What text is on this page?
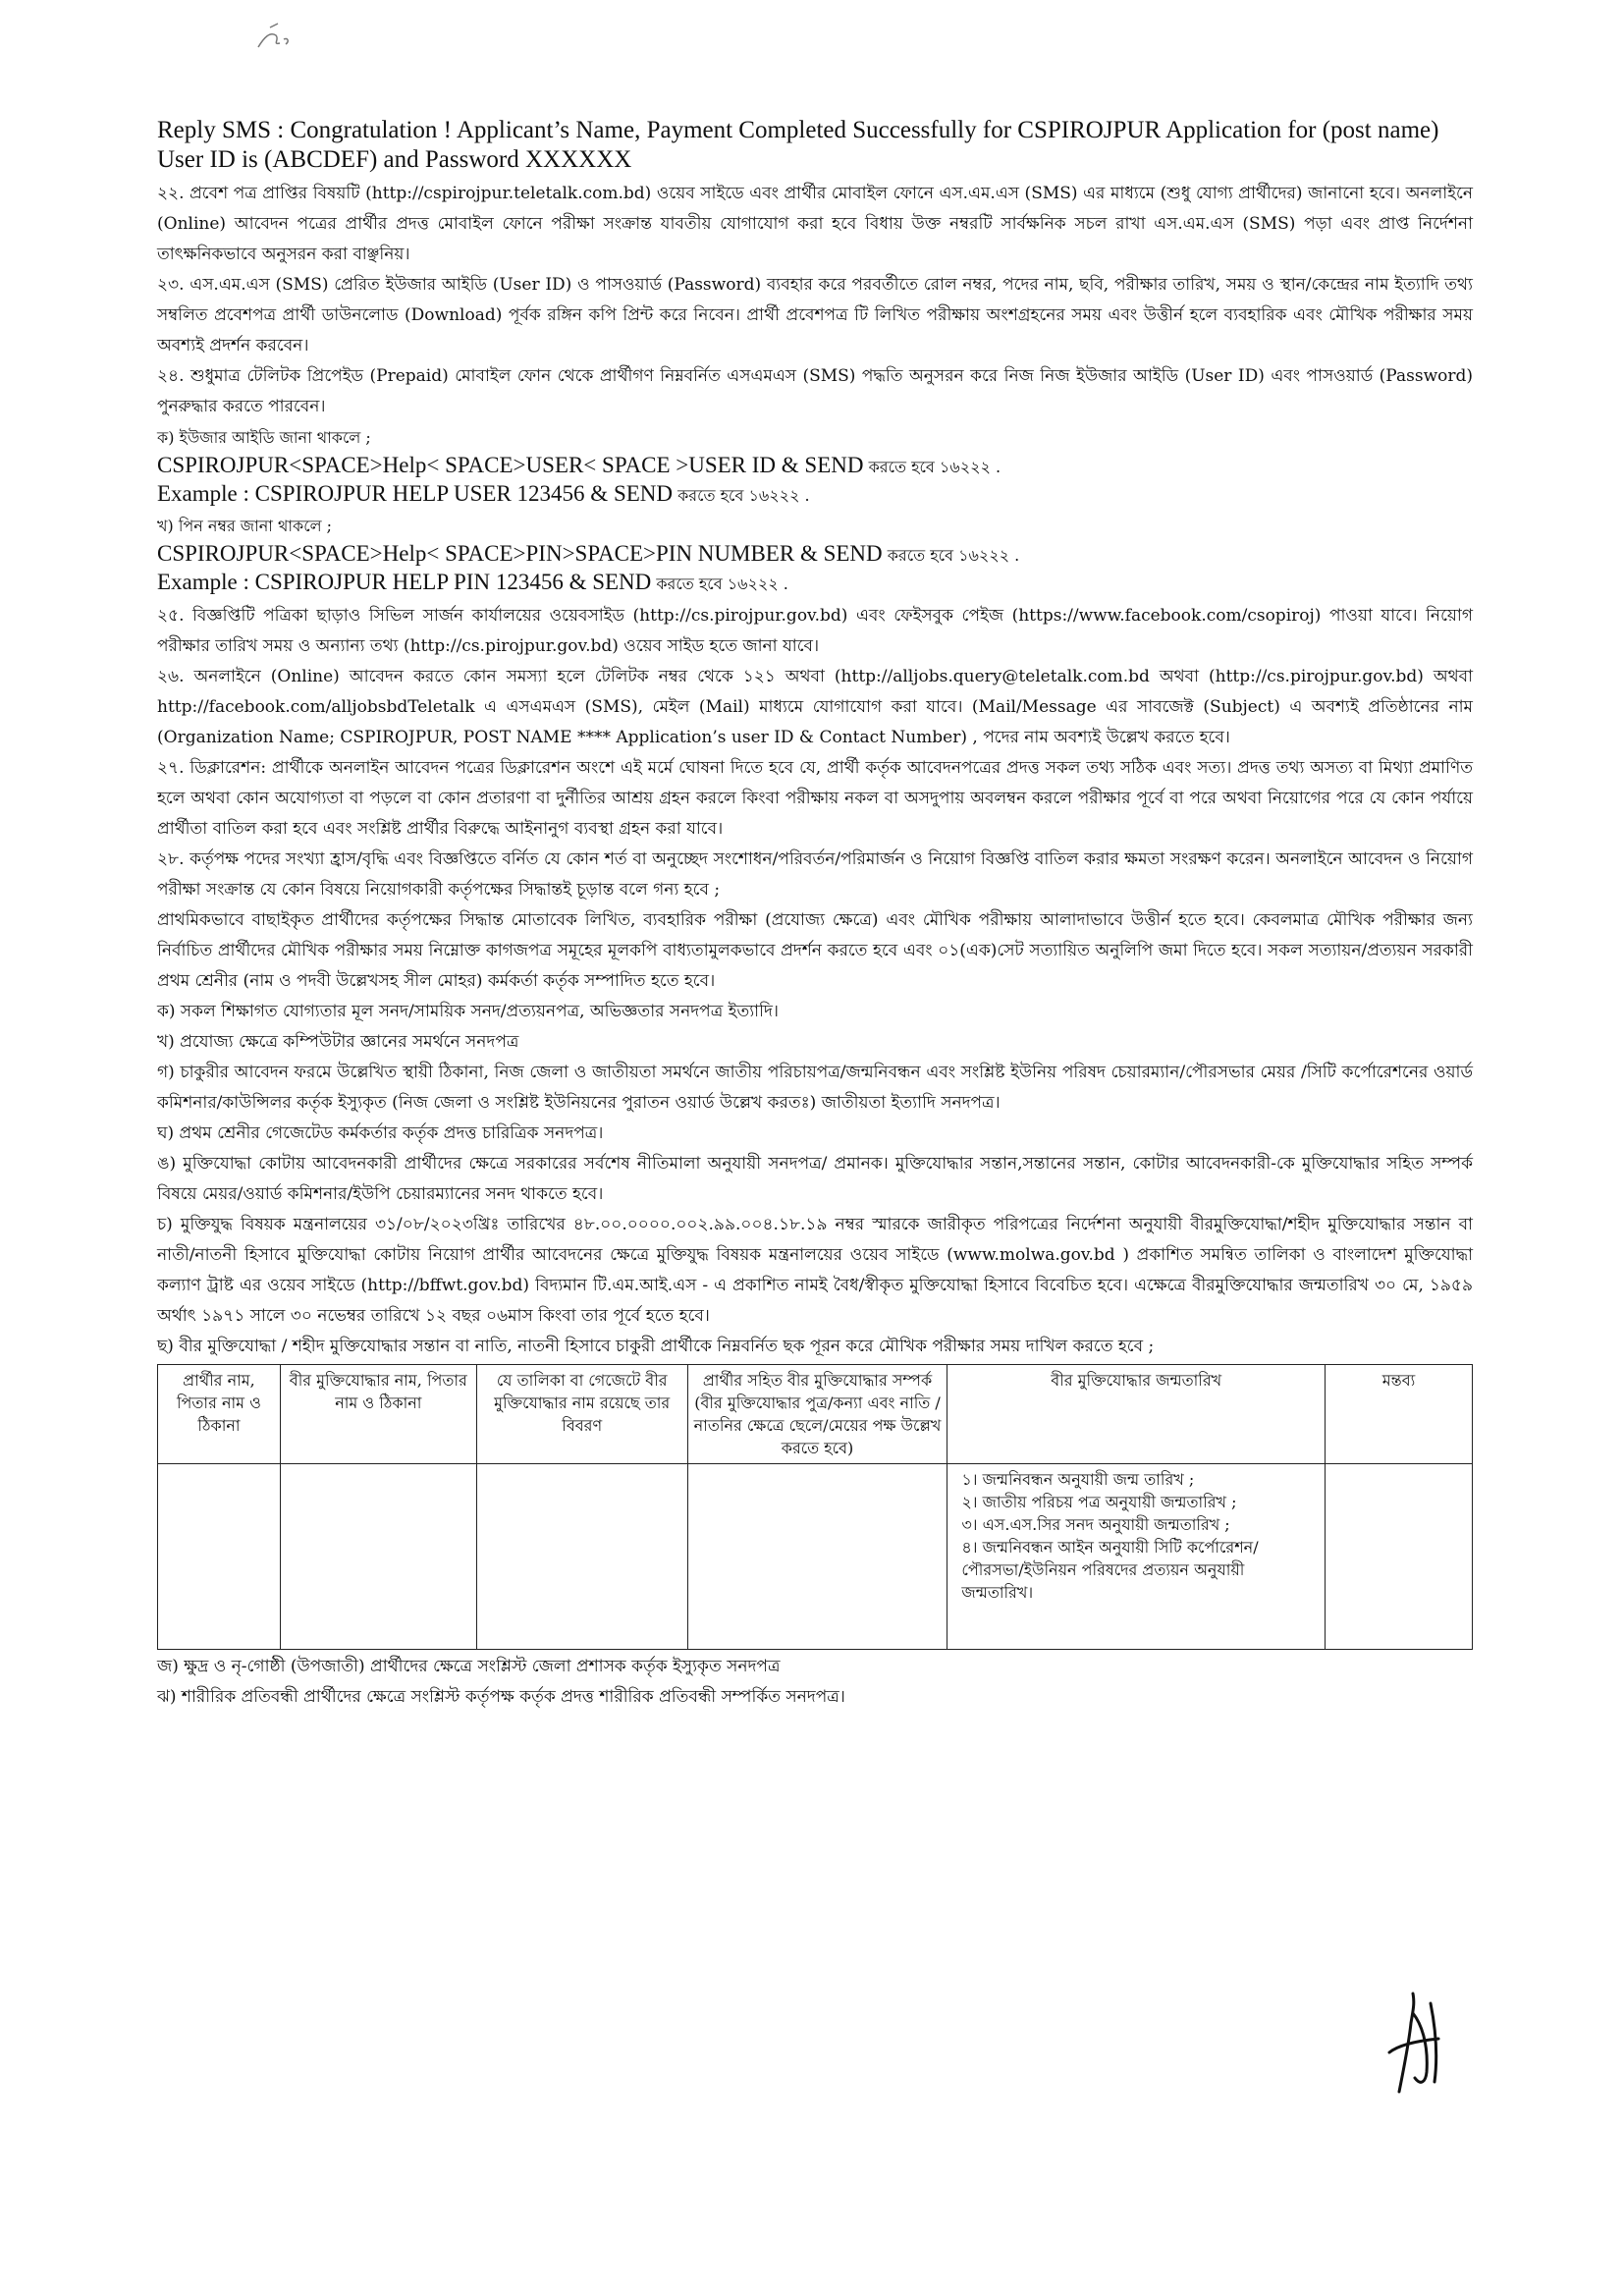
Reply SMS : Congratulation ! Applicant’s Name, Payment Completed Successfully for CSPIROJPUR Application for (post name) User ID is (ABCDEF) and Password XXXXXX

২২. প্রবেশ পত্র প্রাপ্তির বিষয়টি (http://cspirojpur.teletalk.com.bd) ওয়েব সাইডে এবং প্রার্থীর মোবাইল ফোনে এস.এম.এস (SMS) এর মাধ্যমে (শুধু যোগ্য প্রার্থীদের) জানানো হবে। অনলাইনে (Online) আবেদন পত্রের প্রার্থীর প্রদত্ত মোবাইল ফোনে পরীক্ষা সংক্রান্ত যাবতীয় যোগাযোগ করা হবে বিধায় উক্ত নম্বরটি সার্বক্ষনিক সচল রাখা এস.এম.এস (SMS) পড়া এবং প্রাপ্ত নির্দেশনা তাৎক্ষনিকভাবে অনুসরন করা বাঞ্ছনিয়।

২৩. এস.এম.এস (SMS) প্রেরিত ইউজার আইডি (User ID) ও পাসওয়ার্ড (Password) ব্যবহার করে পরবর্তীতে রোল নম্বর, পদের নাম, ছবি, পরীক্ষার তারিখ, সময় ও স্থান/কেন্দ্রের নাম ইত্যাদি তথ্য সম্বলিত প্রবেশপত্র প্রার্থী ডাউনলোড (Download) পূর্বক রঙ্গিন কপি প্রিন্ট করে নিবেন। প্রার্থী প্রবেশপত্র টি লিখিত পরীক্ষায় অংশগ্রহনের সময় এবং উত্তীর্ন হলে ব্যবহারিক এবং মৌখিক পরীক্ষার সময় অবশ্যই প্রদর্শন করবেন।

২৪. শুধুমাত্র টেলিটক প্রিপেইড (Prepaid) মোবাইল ফোন থেকে প্রার্থীগণ নিম্নবর্নিত এসএমএস (SMS) পদ্ধতি অনুসরন করে নিজ নিজ ইউজার আইডি (User ID) এবং পাসওয়ার্ড (Password) পুনরুদ্ধার করতে পারবেন।

ক) ইউজার আইডি জানা থাকলে ;

CSPIROJPUR<SPACE>Help< SPACE>USER< SPACE >USER ID & SEND করতে হবে ১৬২২২ .

Example : CSPIROJPUR HELP USER 123456 & SEND করতে হবে ১৬২২২ .

খ) পিন নম্বর জানা থাকলে ;

CSPIROJPUR<SPACE>Help< SPACE>PIN>SPACE>PIN NUMBER & SEND করতে হবে ১৬২২২ .

Example : CSPIROJPUR HELP PIN 123456 & SEND করতে হবে ১৬২২২ .

২৫. বিজ্ঞপ্তিটি পত্রিকা ছাড়াও সিভিল সার্জন কার্যালয়ের ওয়েবসাইড (http://cs.pirojpur.gov.bd) এবং ফেইসবুক পেইজ (https://www.facebook.com/csopiroj) পাওয়া যাবে। নিয়োগ পরীক্ষার তারিখ সময় ও অন্যান্য তথ্য (http://cs.pirojpur.gov.bd) ওয়েব সাইড হতে জানা যাবে।

২৬. অনলাইনে (Online) আবেদন করতে কোন সমস্যা হলে টেলিটক নম্বর থেকে ১২১ অথবা (http://alljobs.query@teletalk.com.bd অথবা (http://cs.pirojpur.gov.bd) অথবা http://facebook.com/alljobsbdTeletalk এ এসএমএস (SMS), মেইল (Mail) মাধ্যমে যোগাযোগ করা যাবে। (Mail/Message এর সাবজেক্ট (Subject) এ অবশ্যই প্রতিষ্ঠানের নাম (Organization Name; CSPIROJPUR, POST NAME **** Application’s user ID & Contact Number) , পদের নাম অবশ্যই উল্লেখ করতে হবে।

২৭. ডিক্লারেশন: প্রার্থীকে অনলাইন আবেদন পত্রের ডিক্লারেশন অংশে এই মর্মে ঘোষনা দিতে হবে যে, প্রার্থী কর্তৃক আবেদনপত্রের প্রদত্ত সকল তথ্য সঠিক এবং সত্য। প্রদত্ত তথ্য অসত্য বা মিথ্যা প্রমাণিত হলে অথবা কোন অযোগ্যতা বা পড়লে বা কোন প্রতারণা বা দুর্নীতির আশ্রয় গ্রহন করলে কিংবা পরীক্ষায় নকল বা অসদুপায় অবলম্বন করলে পরীক্ষার পূর্বে বা পরে অথবা নিয়োগের পরে যে কোন পর্যায়ে প্রার্থীতা বাতিল করা হবে এবং সংশ্লিষ্ট প্রার্থীর বিরুদ্ধে আইনানুগ ব্যবস্থা গ্রহন করা যাবে।

২৮. কর্তৃপক্ষ পদের সংখ্যা হ্রাস/বৃদ্ধি এবং বিজ্ঞপ্তিতে বর্নিত যে কোন শর্ত বা অনুচ্ছেদ সংশোধন/পরিবর্তন/পরিমার্জন ও নিয়োগ বিজ্ঞপ্তি বাতিল করার ক্ষমতা সংরক্ষণ করেন। অনলাইনে আবেদন ও নিয়োগ পরীক্ষা সংক্রান্ত যে কোন বিষয়ে নিয়োগকারী কর্তৃপক্ষের সিদ্ধান্তই চূড়ান্ত বলে গন্য হবে ;

প্রাথমিকভাবে বাছাইকৃত প্রার্থীদের কর্তৃপক্ষের সিদ্ধান্ত মোতাবেক লিখিত, ব্যবহারিক পরীক্ষা (প্রযোজ্য ক্ষেত্রে) এবং মৌখিক পরীক্ষায় আলাদাভাবে উত্তীর্ন হতে হবে। কেবলমাত্র মৌখিক পরীক্ষার জন্য নির্বাচিত প্রার্থীদের মৌখিক পরীক্ষার সময় নিম্নোক্ত কাগজপত্র সমূহের মূলকপি বাধ্যতামুলকভাবে প্রদর্শন করতে হবে এবং ০১(এক)সেট সত্যায়িত অনুলিপি জমা দিতে হবে। সকল সত্যায়ন/প্রত্যয়ন সরকারী প্রথম শ্রেনীর (নাম ও পদবী উল্লেখসহ সীল মোহর) কর্মকর্তা কর্তৃক সম্পাদিত হতে হবে।

ক) সকল শিক্ষাগত যোগ্যতার মূল সনদ/সাময়িক সনদ/প্রত্যয়নপত্র, অভিজ্ঞতার সনদপত্র ইত্যাদি।

খ) প্রযোজ্য ক্ষেত্রে কম্পিউটার জ্ঞানের সমর্থনে সনদপত্র

গ) চাকুরীর আবেদন ফরমে উল্লেখিত স্থায়ী ঠিকানা, নিজ জেলা ও জাতীয়তা সমর্থনে জাতীয় পরিচায়পত্র/জন্মনিবন্ধন এবং সংশ্লিষ্ট ইউনিয় পরিষদ চেয়ারম্যান/পৌরসভার মেয়র /সিটি কর্পোরেশনের ওয়ার্ড কমিশনার/কাউন্সিলর কর্তৃক ইস্যুকৃত (নিজ জেলা ও সংশ্লিষ্ট ইউনিয়নের পুরাতন ওয়ার্ড উল্লেখ করতঃ) জাতীয়তা ইত্যাদি সনদপত্র।

ঘ) প্রথম শ্রেনীর গেজেটেড কর্মকর্তার কর্তৃক প্রদত্ত চারিত্রিক সনদপত্র।

ঙ) মুক্তিযোদ্ধা কোটায় আবেদনকারী প্রার্থীদের ক্ষেত্রে সরকারের সর্বশেষ নীতিমালা অনুযায়ী সনদপত্র/ প্রমানক। মুক্তিযোদ্ধার সন্তান,সন্তানের সন্তান, কোটার আবেদনকারী-কে মুক্তিযোদ্ধার সহিত সম্পর্ক বিষয়ে মেয়র/ওয়ার্ড কমিশনার/ইউপি চেয়ারম্যানের সনদ থাকতে হবে।

চ) মুক্তিযুদ্ধ বিষয়ক মন্ত্রনালয়ের ৩১/০৮/২০২৩খ্রিঃ তারিখের ৪৮.০০.০০০০.০০২.৯৯.০০৪.১৮.১৯ নম্বর স্মারকে জারীকৃত পরিপত্রের নির্দেশনা অনুযায়ী বীরমুক্তিযোদ্ধা/শহীদ মুক্তিযোদ্ধার সন্তান বা নাতী/নাতনী হিসাবে মুক্তিযোদ্ধা কোটায় নিয়োগ প্রার্থীর আবেদনের ক্ষেত্রে মুক্তিযুদ্ধ বিষয়ক মন্ত্রনালয়ের ওয়েব সাইডে (www.molwa.gov.bd ) প্রকাশিত সমন্বিত তালিকা ও বাংলাদেশ মুক্তিযোদ্ধা কল্যাণ ট্রাষ্ট এর ওয়েব সাইডে (http://bffwt.gov.bd) বিদ্যমান টি.এম.আই.এস - এ প্রকাশিত নামই বৈধ/স্বীকৃত মুক্তিযোদ্ধা হিসাবে বিবেচিত হবে। এক্ষেত্রে বীরমুক্তিযোদ্ধার জন্মতারিখ ৩০ মে, ১৯৫৯ অর্থাৎ ১৯৭১ সালে ৩০ নভেম্বর তারিখে ১২ বছর ০৬মাস কিংবা তার পূর্বে হতে হবে।

ছ) বীর মুক্তিযোদ্ধা / শহীদ মুক্তিযোদ্ধার সন্তান বা নাতি, নাতনী হিসাবে চাকুরী প্রার্থীকে নিম্নবর্নিত ছক পূরন করে মৌখিক পরীক্ষার সময় দাখিল করতে হবে ;

প্রার্থীর নাম, পিতার নাম ও ঠিকানা	বীর মুক্তিযোদ্ধার নাম, পিতার নাম ও ঠিকানা	যে তালিকা বা গেজেটে বীর মুক্তিযোদ্ধার নাম রয়েছে তার বিবরণ	প্রার্থীর সহিত বীর মুক্তিযোদ্ধার সম্পর্ক (বীর মুক্তিযোদ্ধার পুত্র/কন্যা এবং নাতি /নাতনির ক্ষেত্রে ছেলে/মেয়ের পক্ষ উল্লেখ করতে হবে)	বীর মুক্তিযোদ্ধার জন্মতারিখ	মন্তব্য

				১। জন্মনিবন্ধন অনুযায়ী জন্ম তারিখ ;
২। জাতীয় পরিচয় পত্র অনুযায়ী জন্মতারিখ ;
৩। এস.এস.সির সনদ অনুযায়ী জন্মতারিখ ;
৪। জন্মনিবন্ধন আইন অনুযায়ী সিটি কর্পোরেশন/পৌরসভা/ইউনিয়ন পরিষদের প্রত্যয়ন অনুযায়ী জন্মতারিখ।	

জ) ক্ষুদ্র ও নৃ-গোষ্ঠী (উপজাতী) প্রার্থীদের ক্ষেত্রে সংশ্লিস্ট জেলা প্রশাসক কর্তৃক ইস্যুকৃত সনদপত্র

ঝ) শারীরিক প্রতিবন্ধী প্রার্থীদের ক্ষেত্রে সংশ্লিস্ট কর্তৃপক্ষ কর্তৃক প্রদত্ত শারীরিক প্রতিবন্ধী সম্পর্কিত সনদপত্র।
